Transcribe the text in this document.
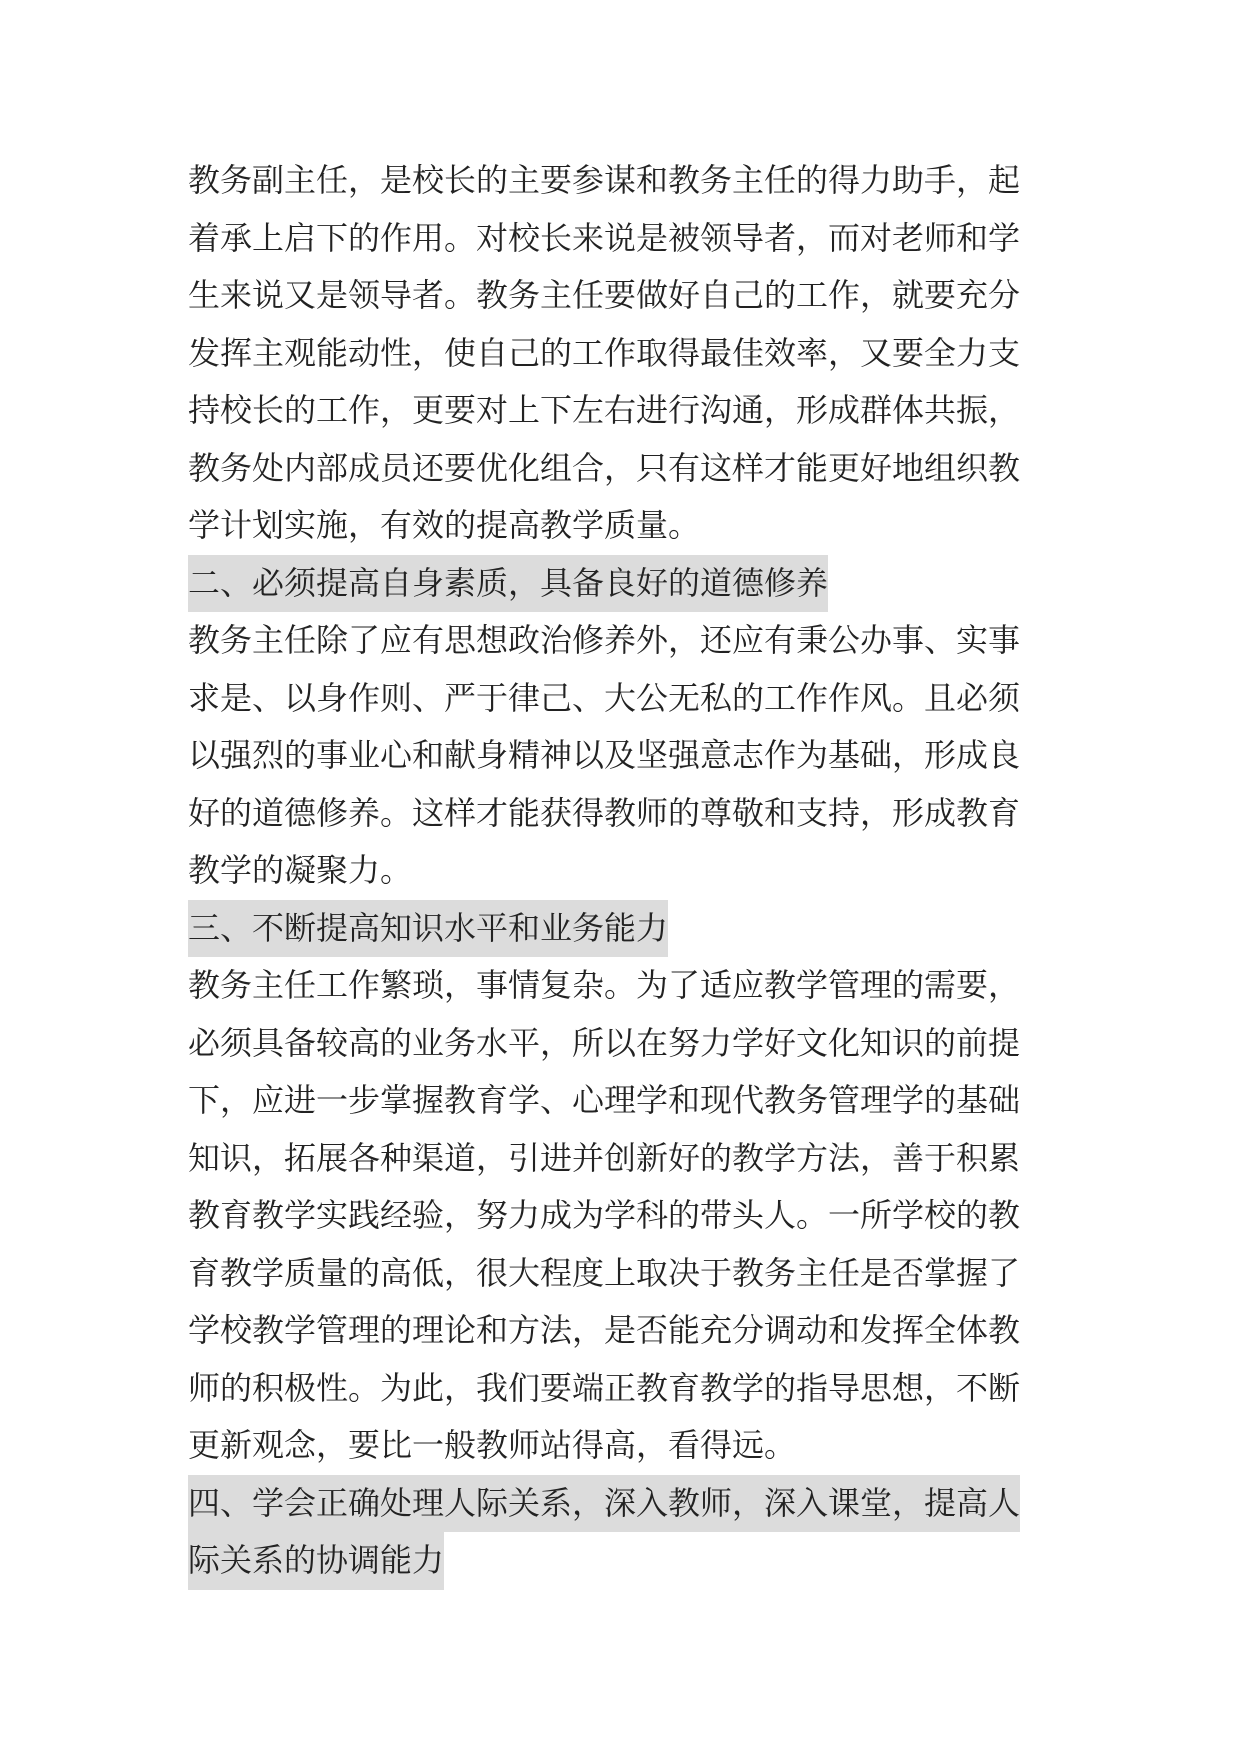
教务副主任，是校长的主要参谋和教务主任的得力助手，起
着承上启下的作用。对校长来说是被领导者，而对老师和学
生来说又是领导者。教务主任要做好自己的工作，就要充分
发挥主观能动性，使自己的工作取得最佳效率，又要全力支
持校长的工作，更要对上下左右进行沟通，形成群体共振，
教务处内部成员还要优化组合，只有这样才能更好地组织教
学计划实施，有效的提高教学质量。
二、必须提高自身素质，具备良好的道德修养
教务主任除了应有思想政治修养外，还应有秉公办事、实事
求是、以身作则、严于律己、大公无私的工作作风。且必须
以强烈的事业心和献身精神以及坚强意志作为基础，形成良
好的道德修养。这样才能获得教师的尊敬和支持，形成教育
教学的凝聚力。
三、不断提高知识水平和业务能力
教务主任工作繁琐，事情复杂。为了适应教学管理的需要，
必须具备较高的业务水平，所以在努力学好文化知识的前提
下，应进一步掌握教育学、心理学和现代教务管理学的基础
知识，拓展各种渠道，引进并创新好的教学方法，善于积累
教育教学实践经验，努力成为学科的带头人。一所学校的教
育教学质量的高低，很大程度上取决于教务主任是否掌握了
学校教学管理的理论和方法，是否能充分调动和发挥全体教
师的积极性。为此，我们要端正教育教学的指导思想，不断
更新观念，要比一般教师站得高，看得远。
四、学会正确处理人际关系，深入教师，深入课堂，提高人
际关系的协调能力
